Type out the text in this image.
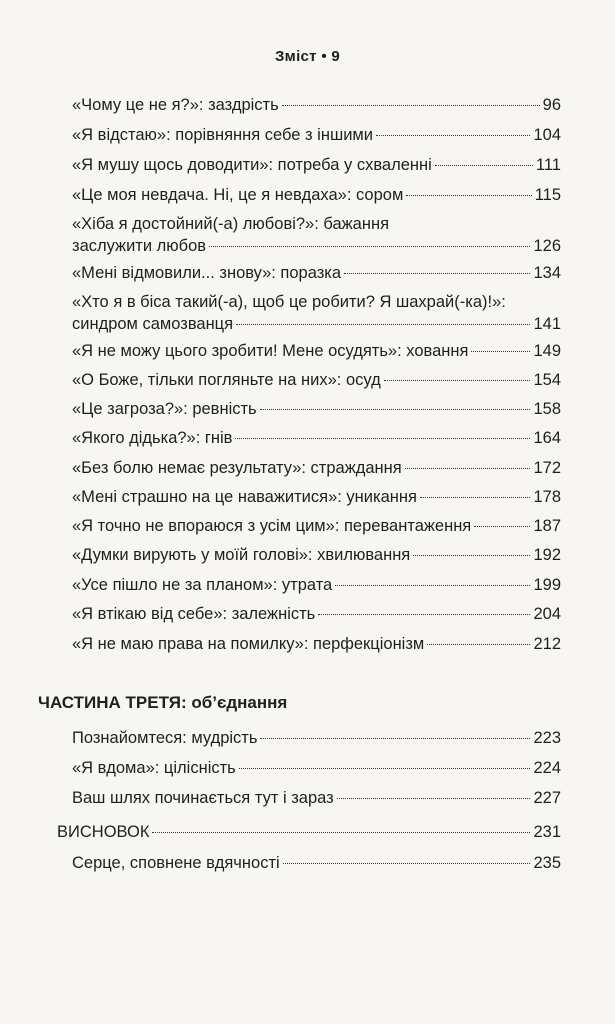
Зміст • 9
«Чому це не я?»: заздрість	96
«Я відстаю»: порівняння себе з іншими	104
«Я мушу щось доводити»: потреба у схваленні	111
«Це моя невдача. Ні, це я невдаха»: сором	115
«Хіба я достойний(-а) любові?»: бажання
заслужити любов	126
«Мені відмовили... знову»: поразка	134
«Хто я в біса такий(-а), щоб це робити? Я шахрай(-ка)!»:
синдром самозванця	141
«Я не можу цього зробити! Мене осудять»: ховання	149
«О Боже, тільки погляньте на них»: осуд	154
«Це загроза?»: ревність	158
«Якого дідька?»: гнів	164
«Без болю немає результату»: страждання	172
«Мені страшно на це наважитися»: уникання	178
«Я точно не впораюся з усім цим»: перевантаження	187
«Думки вирують у моїй голові»: хвилювання	192
«Усе пішло не за планом»: утрата	199
«Я втікаю від себе»: залежність	204
«Я не маю права на помилку»: перфекціонізм	212
ЧАСТИНА ТРЕТЯ: об’єднання
Познайомтеся: мудрість	223
«Я вдома»: цілісність	224
Ваш шлях починається тут і зараз	227
ВИСНОВОК	231
Серце, сповнене вдячності	235
